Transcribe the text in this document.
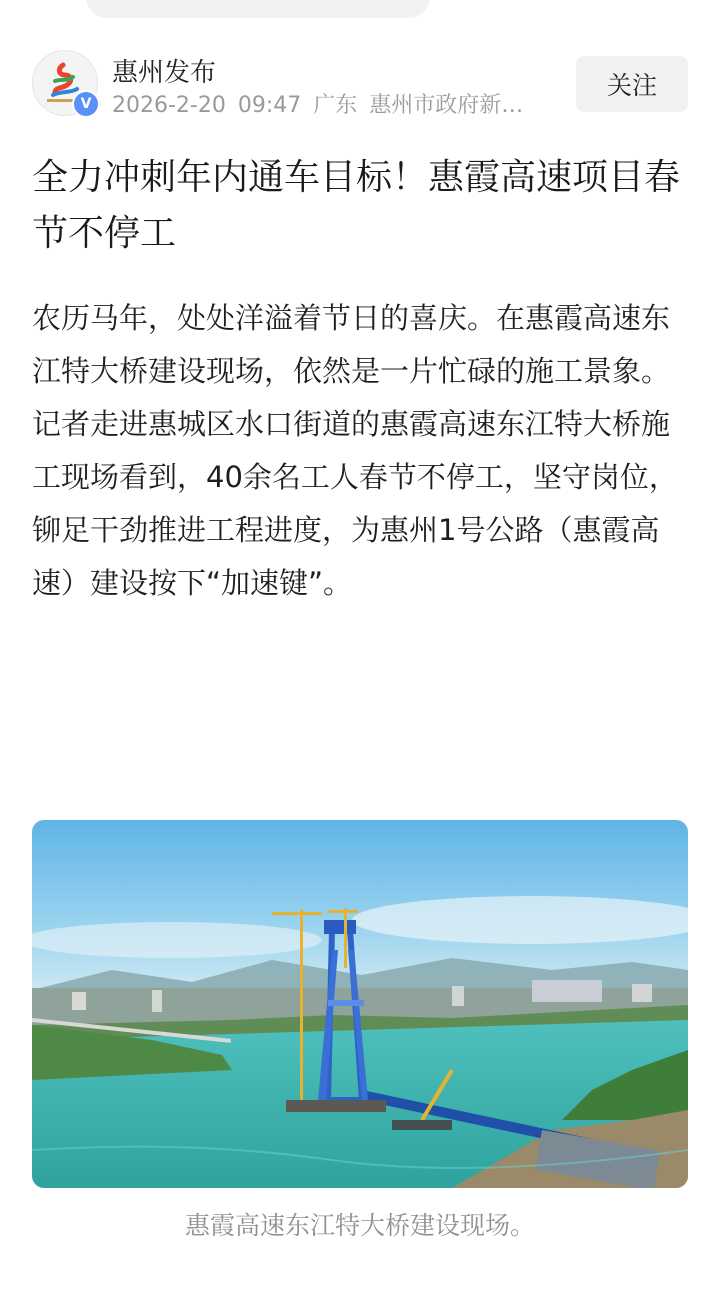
V
惠州发布
2026-2-20 09:47 广东 惠州市政府新…
关注
全力冲刺年内通车目标！惠霞高速项目春节不停工

农历马年，处处洋溢着节日的喜庆。在惠霞高速东江特大桥建设现场，依然是一片忙碌的施工景象。记者走进惠城区水口街道的惠霞高速东江特大桥施工现场看到，40余名工人春节不停工，坚守岗位，铆足干劲推进工程进度，为惠州1号公路（惠霞高速）建设按下“加速键”。

惠霞高速东江特大桥建设现场。
